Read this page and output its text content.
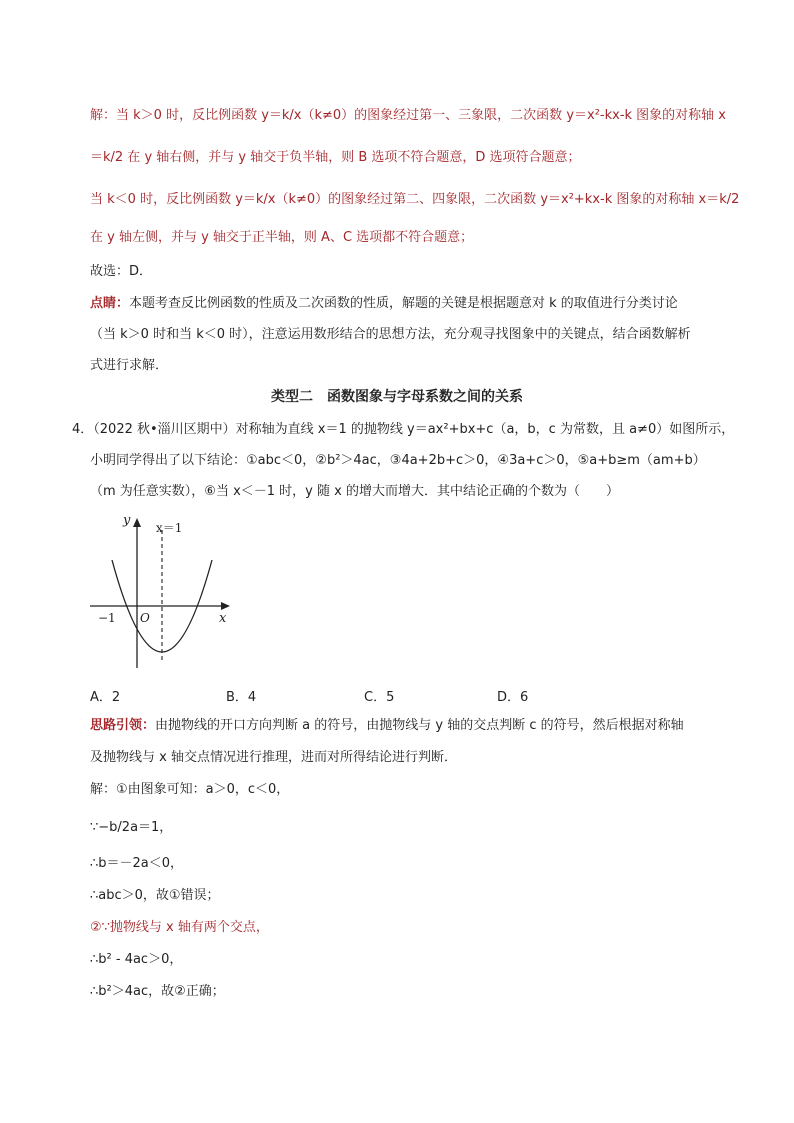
解：当 k＞0 时，反比例函数 y＝k/x（k≠0）的图象经过第一、三象限，二次函数 y＝x²-kx-k 图象的对称轴 x
＝k/2 在 y 轴右侧，并与 y 轴交于负半轴，则 B 选项不符合题意，D 选项符合题意；
当 k＜0 时，反比例函数 y＝k/x（k≠0）的图象经过第二、四象限，二次函数 y＝x²+kx-k 图象的对称轴 x＝k/2
在 y 轴左侧，并与 y 轴交于正半轴，则 A、C 选项都不符合题意；
故选：D．
点睛：本题考查反比例函数的性质及二次函数的性质，解题的关键是根据题意对 k 的取值进行分类讨论
（当 k＞0 时和当 k＜0 时），注意运用数形结合的思想方法，充分观寻找图象中的关键点，结合函数解析
式进行求解．
类型二　函数图象与字母系数之间的关系
4．（2022 秋•淄川区期中）对称轴为直线 x＝1 的抛物线 y＝ax²+bx+c（a，b，c 为常数，且 a≠0）如图所示，
小明同学得出了以下结论：①abc＜0，②b²＞4ac，③4a+2b+c＞0，④3a+c＞0，⑤a+b≥m（am+b）
（m 为任意实数），⑥当 x＜－1 时，y 随 x 的增大而增大．其中结论正确的个数为（　　）
y
x
O
−1
x＝1
A．2	B．4	C．5	D．6
思路引领：由抛物线的开口方向判断 a 的符号，由抛物线与 y 轴的交点判断 c 的符号，然后根据对称轴
及抛物线与 x 轴交点情况进行推理，进而对所得结论进行判断．
解：①由图象可知：a＞0，c＜0，
∵−b/2a＝1，
∴b＝－2a＜0，
∴abc＞0，故①错误；
②∵抛物线与 x 轴有两个交点，
∴b² - 4ac＞0，
∴b²＞4ac，故②正确；
